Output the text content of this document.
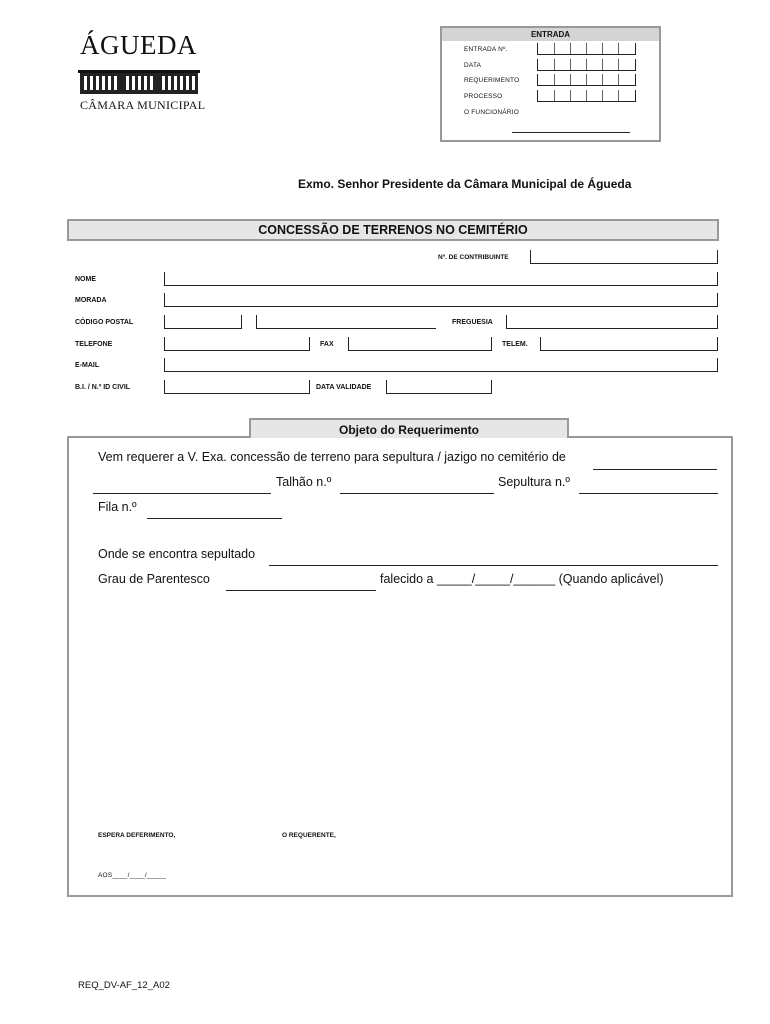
ÁGUEDA
CÂMARA MUNICIPAL
ENTRADA
ENTRADA Nº.
DATA
REQUERIMENTO
PROCESSO
O FUNCIONÁRIO
Exmo. Senhor Presidente da Câmara Municipal de Águeda
CONCESSÃO DE TERRENOS NO CEMITÉRIO
Nº. DE CONTRIBUINTE
NOME
MORADA
CÓDIGO POSTAL	FREGUESIA
TELEFONE	FAX	TELEM.
E-MAIL
B.I. / N.º ID CIVIL	DATA VALIDADE
Objeto do Requerimento
Vem requerer a V. Exa. concessão de terreno para sepultura / jazigo no cemitério de
Talhão n.º	Sepultura n.º
Fila n.º
Onde se encontra sepultado
Grau de Parentesco	falecido a _____/_____/______ (Quando aplicável)
ESPERA DEFERIMENTO,	O REQUERENTE,
AOS____/____/_____
REQ_DV-AF_12_A02
